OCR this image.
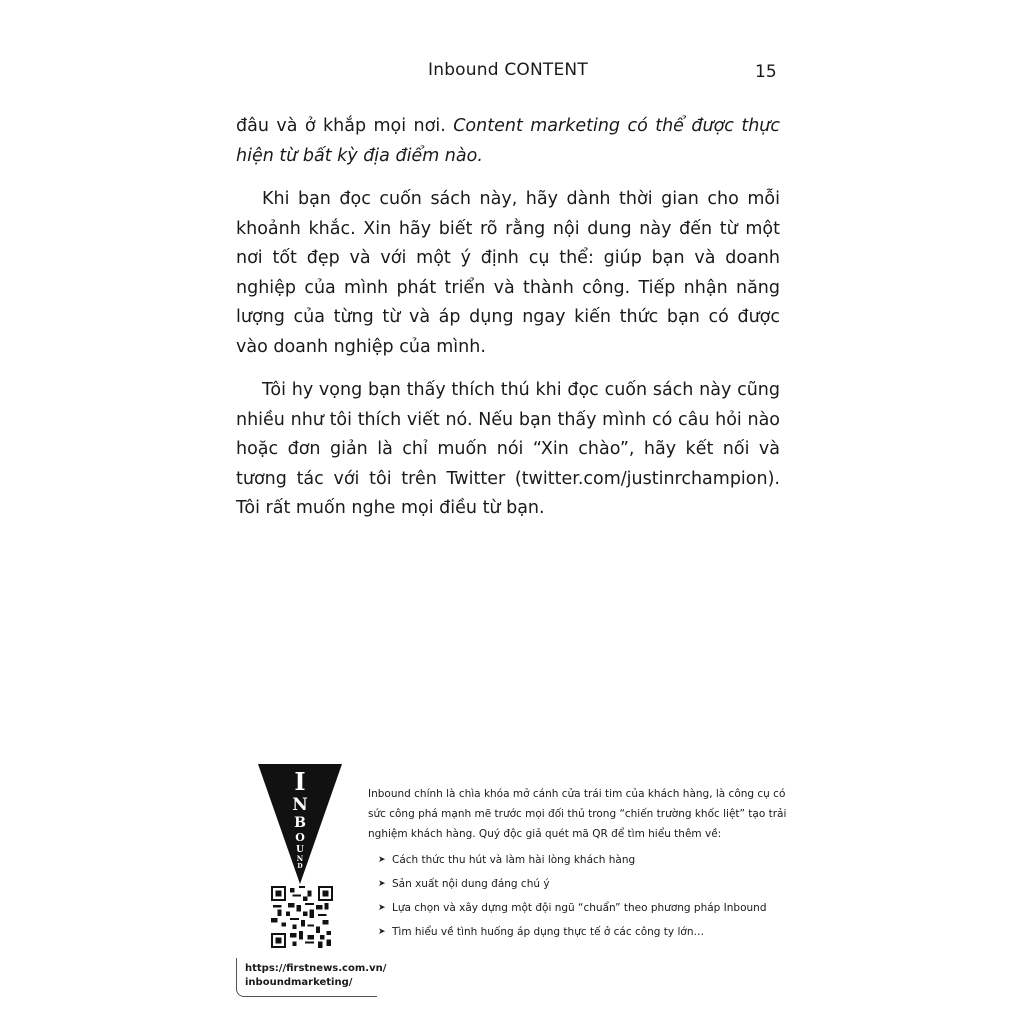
Inbound CONTENT	15

đâu và ở khắp mọi nơi. Content marketing có thể được thực hiện từ bất kỳ địa điểm nào.

Khi bạn đọc cuốn sách này, hãy dành thời gian cho mỗi khoảnh khắc. Xin hãy biết rõ rằng nội dung này đến từ một nơi tốt đẹp và với một ý định cụ thể: giúp bạn và doanh nghiệp của mình phát triển và thành công. Tiếp nhận năng lượng của từng từ và áp dụng ngay kiến thức bạn có được vào doanh nghiệp của mình.

Tôi hy vọng bạn thấy thích thú khi đọc cuốn sách này cũng nhiều như tôi thích viết nó. Nếu bạn thấy mình có câu hỏi nào hoặc đơn giản là chỉ muốn nói “Xin chào”, hãy kết nối và tương tác với tôi trên Twitter (twitter.com/justinrchampion). Tôi rất muốn nghe mọi điều từ bạn.

I
N
B
O
U
N
D
https://firstnews.com.vn/
inboundmarketing/
Inbound chính là chìa khóa mở cánh cửa trái tim của khách hàng, là công cụ có sức công phá mạnh mẽ trước mọi đối thủ trong “chiến trường khốc liệt” tạo trải nghiệm khách hàng. Quý độc giả quét mã QR để tìm hiểu thêm về:
➤ Cách thức thu hút và làm hài lòng khách hàng
➤ Sản xuất nội dung đáng chú ý
➤ Lựa chọn và xây dựng một đội ngũ “chuẩn” theo phương pháp Inbound
➤ Tìm hiểu về tình huống áp dụng thực tế ở các công ty lớn…
